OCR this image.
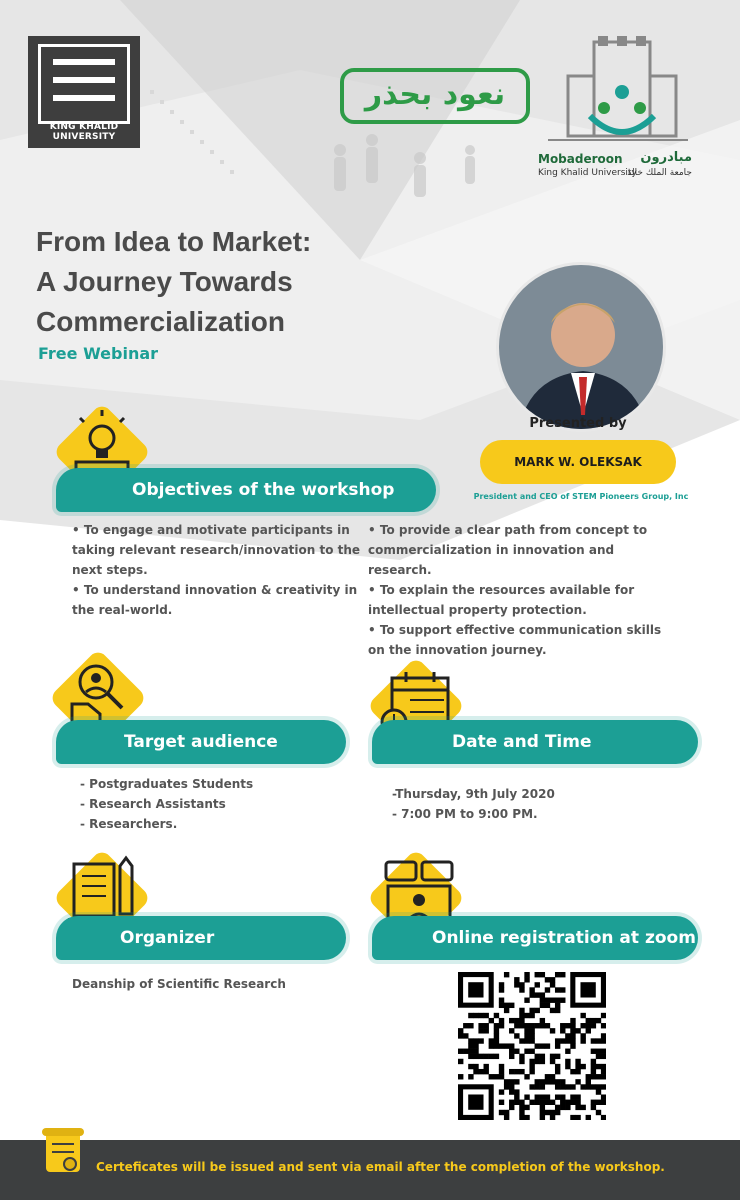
KING KHALID UNIVERSITY
نعود بحذر
Mobaderoon مبادرون
King Khalid University
جامعة الملك خالد
From Idea to Market:
A Journey Towards
Commercialization
Free Webinar
Presented by
MARK W. OLEKSAK
President and CEO of STEM Pioneers Group, Inc
Objectives of the workshop
• To engage and motivate participants in
taking relevant research/innovation to the
next steps.
• To understand innovation & creativity in
the real-world.
• To provide a clear path from concept to
commercialization in innovation and
research.
• To explain the resources available for
intellectual property protection.
• To support effective communication skills
on the innovation journey.
Target audience
- Postgraduates Students
- Research Assistants
- Researchers.
Date and Time
-Thursday, 9th July 2020
- 7:00 PM to 9:00 PM.
Organizer
Deanship of Scientific Research
Online registration at zoom
Certeficates will be issued and sent via email after the completion of the workshop.
